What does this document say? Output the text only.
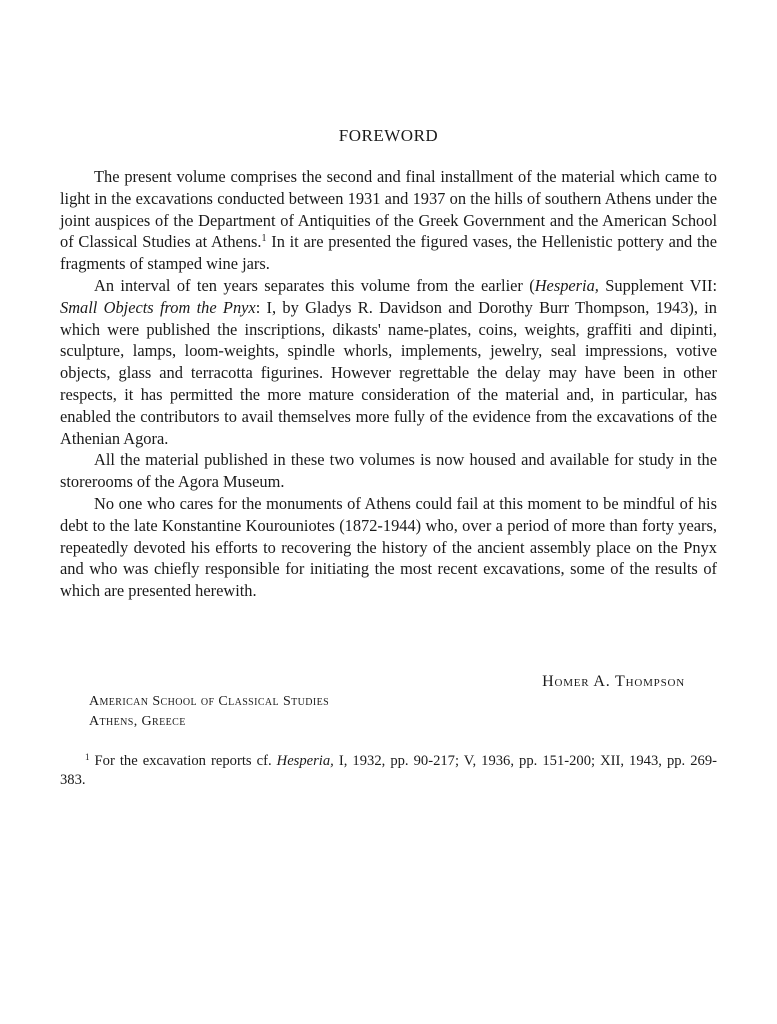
FOREWORD

The present volume comprises the second and final installment of the material which came to light in the excavations conducted between 1931 and 1937 on the hills of southern Athens under the joint auspices of the Department of Antiquities of the Greek Government and the American School of Classical Studies at Athens.$^1$ In it are presented the figured vases, the Hellenistic pottery and the fragments of stamped wine jars.

An interval of ten years separates this volume from the earlier (Hesperia, Supplement VII: Small Objects from the Pnyx: I, by Gladys R. Davidson and Dorothy Burr Thompson, 1943), in which were published the inscriptions, dikasts' name-plates, coins, weights, graffiti and dipinti, sculpture, lamps, loom-weights, spindle whorls, implements, jewelry, seal impressions, votive objects, glass and terracotta figurines. However regrettable the delay may have been in other respects, it has permitted the more mature consideration of the material and, in particular, has enabled the contributors to avail themselves more fully of the evidence from the excavations of the Athenian Agora.

All the material published in these two volumes is now housed and available for study in the storerooms of the Agora Museum.

No one who cares for the monuments of Athens could fail at this moment to be mindful of his debt to the late Konstantine Kourouniotes (1872-1944) who, over a period of more than forty years, repeatedly devoted his efforts to recovering the history of the ancient assembly place on the Pnyx and who was chiefly responsible for initiating the most recent excavations, some of the results of which are presented herewith.

Homer A. Thompson
American School of Classical Studies
Athens, Greece
$^1$ For the excavation reports cf. Hesperia, I, 1932, pp. 90-217; V, 1936, pp. 151-200; XII, 1943, pp. 269-383.
